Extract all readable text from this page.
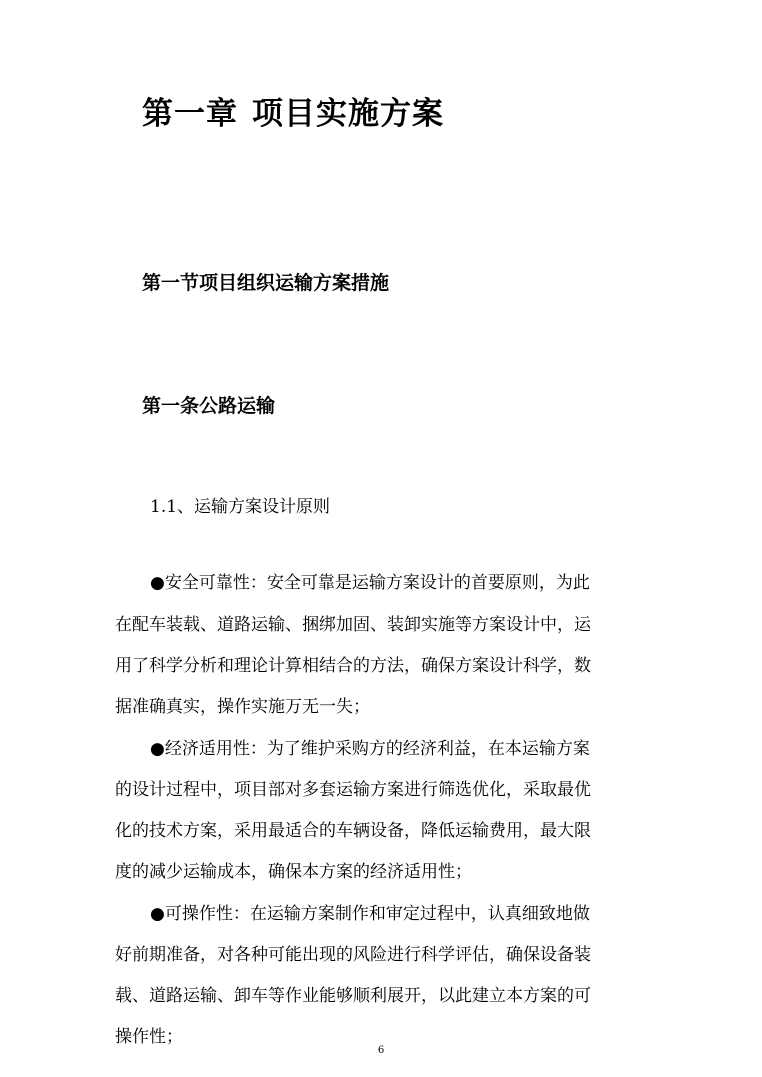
第一章 项目实施方案
第一节项目组织运输方案措施
第一条公路运输
1.1、运输方案设计原则
●安全可靠性：安全可靠是运输方案设计的首要原则，为此
在配车装载、道路运输、捆绑加固、装卸实施等方案设计中，运
用了科学分析和理论计算相结合的方法，确保方案设计科学，数
据准确真实，操作实施万无一失；
●经济适用性：为了维护采购方的经济利益，在本运输方案
的设计过程中，项目部对多套运输方案进行筛选优化，采取最优
化的技术方案，采用最适合的车辆设备，降低运输费用，最大限
度的减少运输成本，确保本方案的经济适用性；
●可操作性：在运输方案制作和审定过程中，认真细致地做
好前期准备，对各种可能出现的风险进行科学评估，确保设备装
载、道路运输、卸车等作业能够顺利展开，以此建立本方案的可
操作性；
6
